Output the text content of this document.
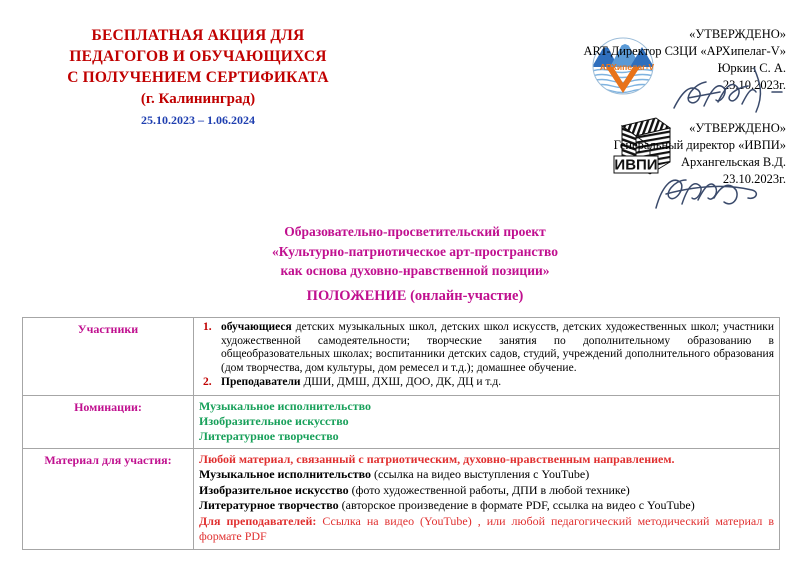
БЕСПЛАТНАЯ АКЦИЯ ДЛЯ
ПЕДАГОГОВ И ОБУЧАЮЩИХСЯ
С ПОЛУЧЕНИЕМ СЕРТИФИКАТА
(г. Калининград)
25.10.2023 – 1.06.2024
АРХипелаг-V
«УТВЕРЖДЕНО»
ART-Директор СЗЦИ «АРХипелаг-V»
Юркин С. А.
23.10.2023г.
ИВПИ
«УТВЕРЖДЕНО»
Генеральный директор «ИВПИ»
Архангельская В.Д.
23.10.2023г.
Образовательно-просветительский проект
«Культурно-патриотическое арт-пространство
как основа духовно-нравственной позиции»
ПОЛОЖЕНИЕ (онлайн-участие)
Участники	обучающиеся детских музыкальных школ, детских школ искусств, детских художественных школ; участники художественной самодеятельности; творческие занятия по дополнительному образованию в общеобразовательных школах; воспитанники детских садов, студий, учреждений дополнительного образования (дом творчества, дом культуры, дом ремесел и т.д.); домашнее обучение.
Преподаватели ДШИ, ДМШ, ДХШ, ДОО, ДК, ДЦ и т.д.

Номинации:	Музыкальное исполнительство
Изобразительное искусство
Литературное творчество

Материал для участия:	Любой материал, связанный с патриотическим, духовно-нравственным направлением.
Музыкальное исполнительство (ссылка на видео выступления с YouTube)
Изобразительное искусство (фото художественной работы, ДПИ в любой технике)
Литературное творчество (авторское произведение в формате PDF, ссылка на видео с YouTube)
Для преподавателей: Ссылка на видео (YouTube) , или любой педагогический методический материал в формате PDF
